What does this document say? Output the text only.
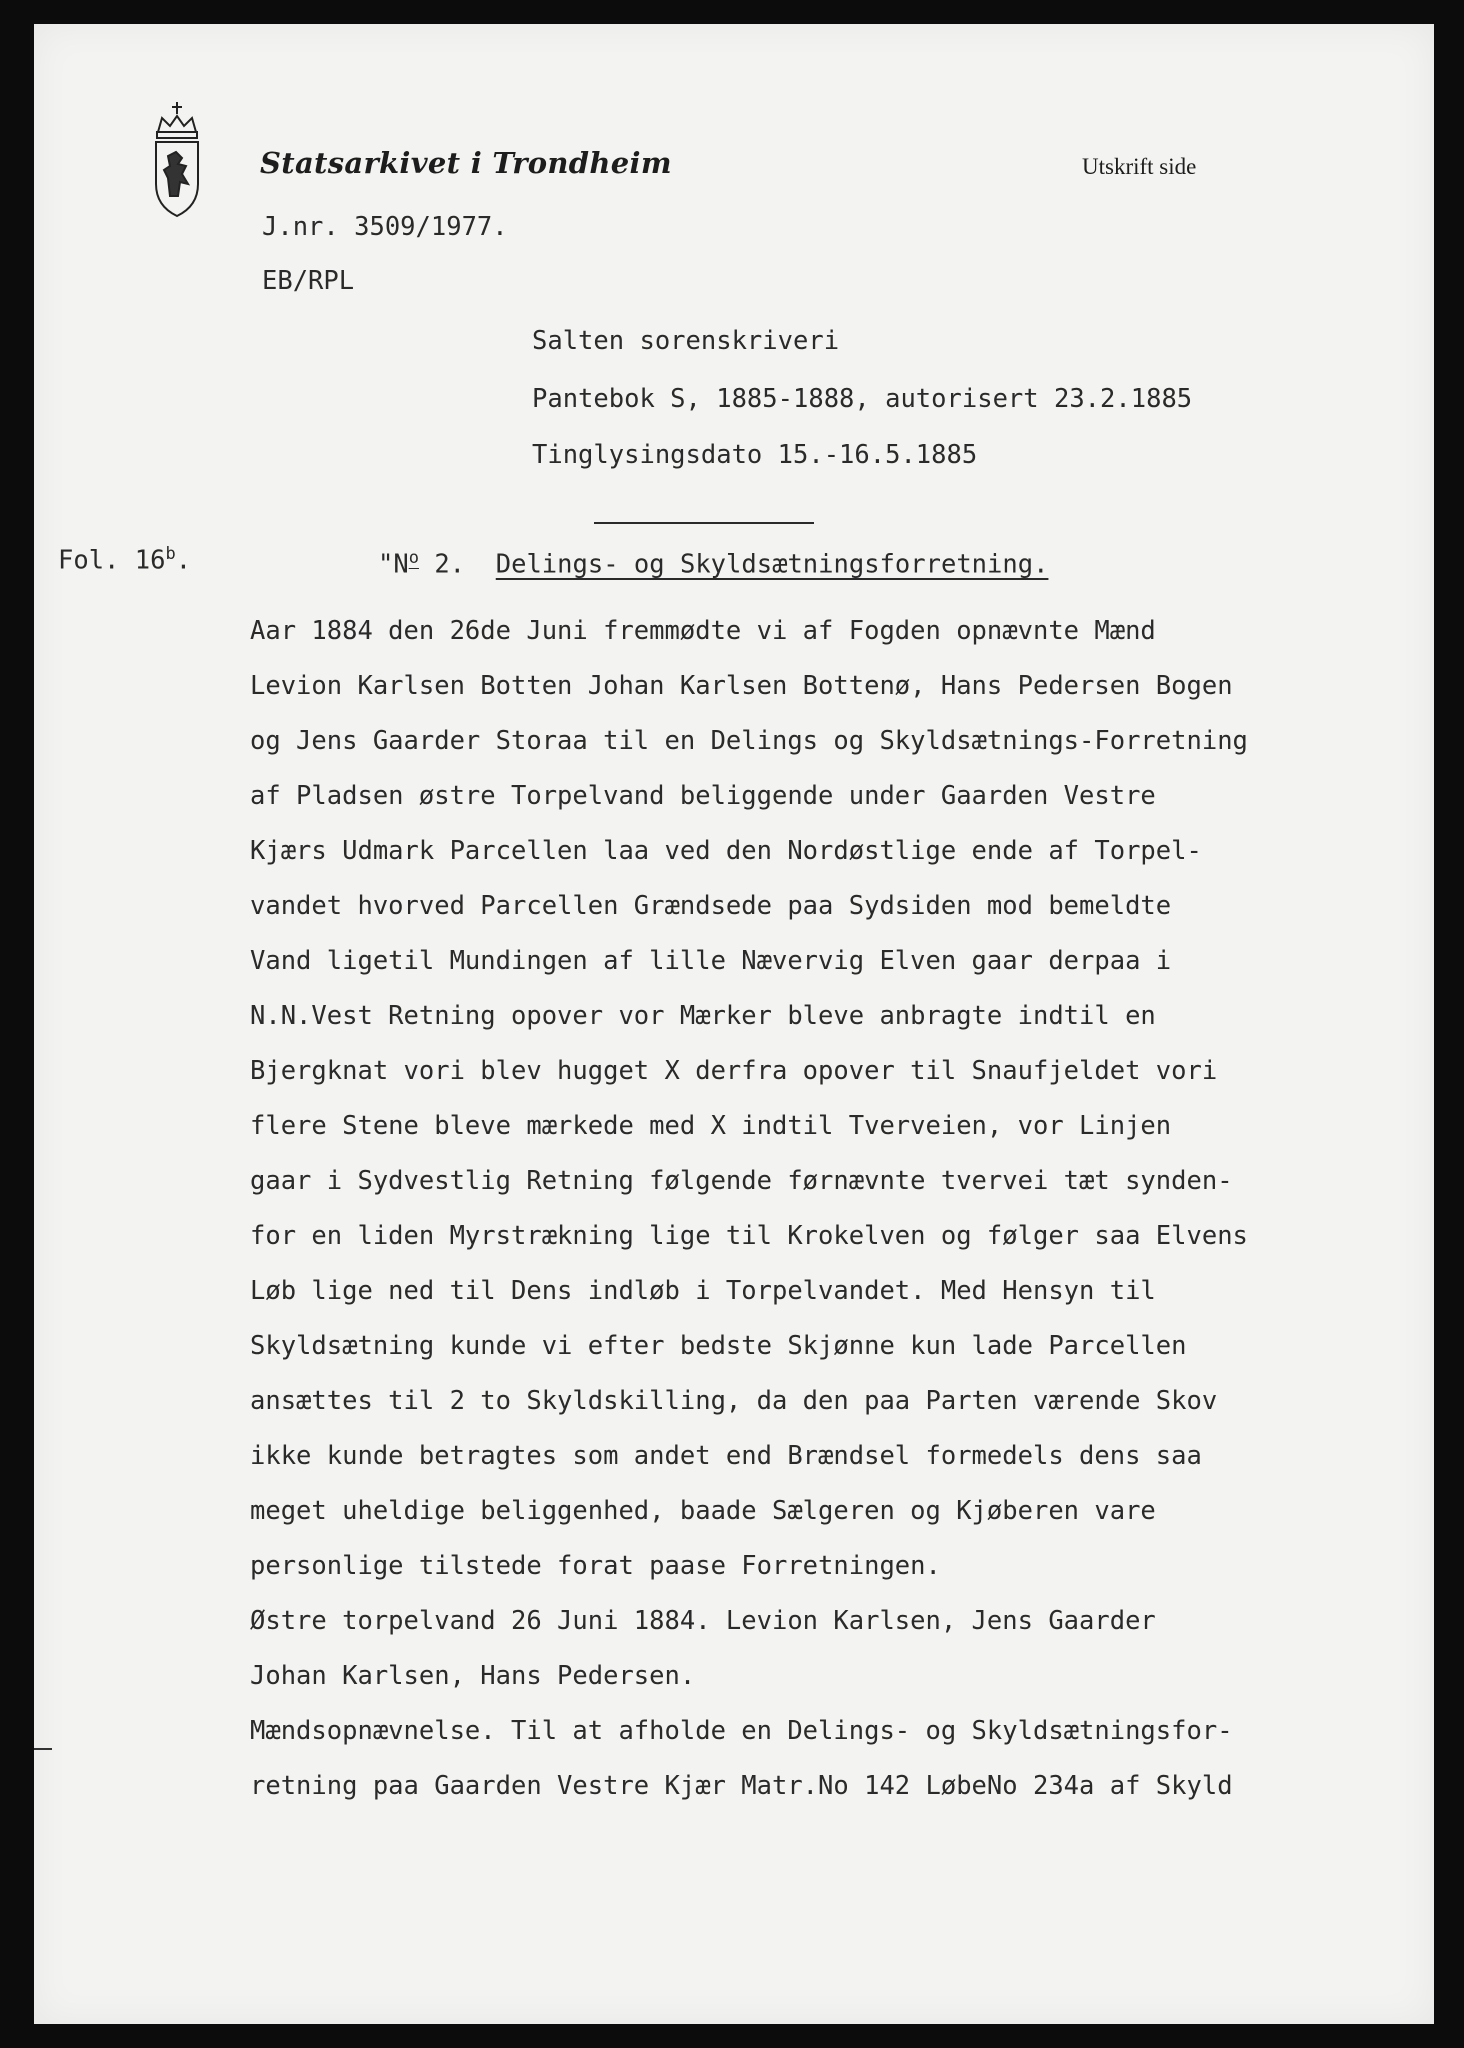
Statsarkivet i Trondheim	Utskrift side
J.nr. 3509/1977.
EB/RPL
Salten sorenskriveri
Pantebok S, 1885-1888, autorisert 23.2.1885
Tinglysingsdato 15.-16.5.1885
Fol. 16$^b$.	"$N^o$ 2. Delings- og Skyldsætningsforretning.
Aar 1884 den 26de Juni fremmødte vi af Fogden opnævnte Mænd
Levion Karlsen Botten Johan Karlsen Bottenø, Hans Pedersen Bogen
og Jens Gaarder Storaa til en Delings og Skyldsætnings-Forretning
af Pladsen østre Torpelvand beliggende under Gaarden Vestre
Kjærs Udmark Parcellen laa ved den Nordøstlige ende af Torpel-
vandet hvorved Parcellen Grændsede paa Sydsiden mod bemeldte
Vand ligetil Mundingen af lille Nævervig Elven gaar derpaa i
N.N.Vest Retning opover vor Mærker bleve anbragte indtil en
Bjergknat vori blev hugget X derfra opover til Snaufjeldet vori
flere Stene bleve mærkede med X indtil Tverveien, vor Linjen
gaar i Sydvestlig Retning følgende førnævnte tvervei tæt synden-
for en liden Myrstrækning lige til Krokelven og følger saa Elvens
Løb lige ned til Dens indløb i Torpelvandet. Med Hensyn til
Skyldsætning kunde vi efter bedste Skjønne kun lade Parcellen
ansættes til 2 to Skyldskilling, da den paa Parten værende Skov
ikke kunde betragtes som andet end Brændsel formedels dens saa
meget uheldige beliggenhed, baade Sælgeren og Kjøberen vare
personlige tilstede forat paase Forretningen.
Østre torpelvand 26 Juni 1884. Levion Karlsen, Jens Gaarder
Johan Karlsen, Hans Pedersen.
Mændsopnævnelse. Til at afholde en Delings- og Skyldsætningsfor-
retning paa Gaarden Vestre Kjær Matr.No 142 LøbeNo 234a af Skyld
